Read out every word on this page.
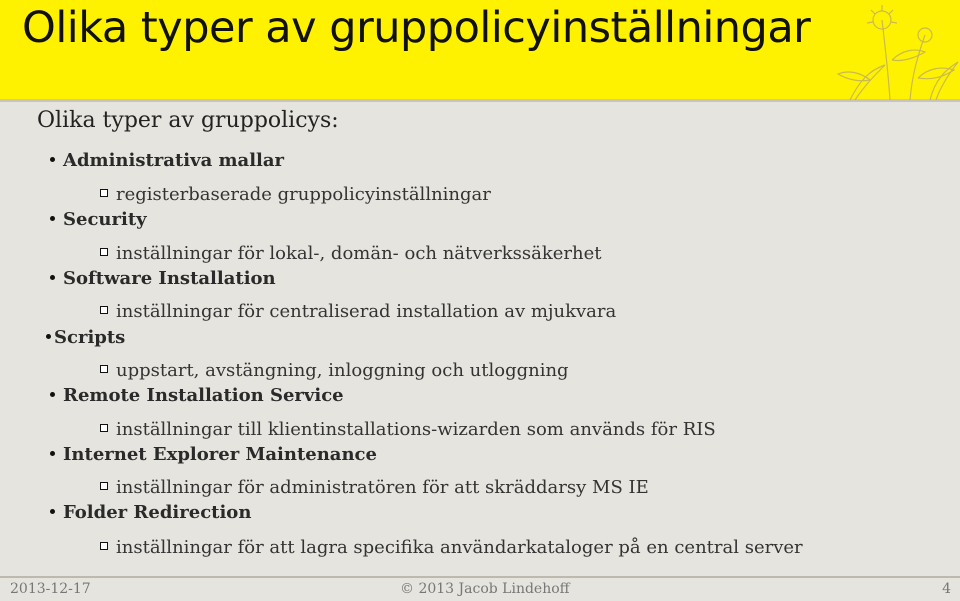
Olika typer av gruppolicyinställningar
Olika typer av gruppolicys:
Administrativa mallar
registerbaserade gruppolicyinställningar
Security
inställningar för lokal-, domän- och nätverkssäkerhet
Software Installation
inställningar för centraliserad installation av mjukvara
Scripts
uppstart, avstängning, inloggning och utloggning
Remote Installation Service
inställningar till klientinstallations-wizarden som används för RIS
Internet Explorer Maintenance
inställningar för administratören för att skräddarsy MS IE
Folder Redirection
inställningar för att lagra specifika användarkataloger på en central server
2013-12-17	© 2013 Jacob Lindehoff	4
